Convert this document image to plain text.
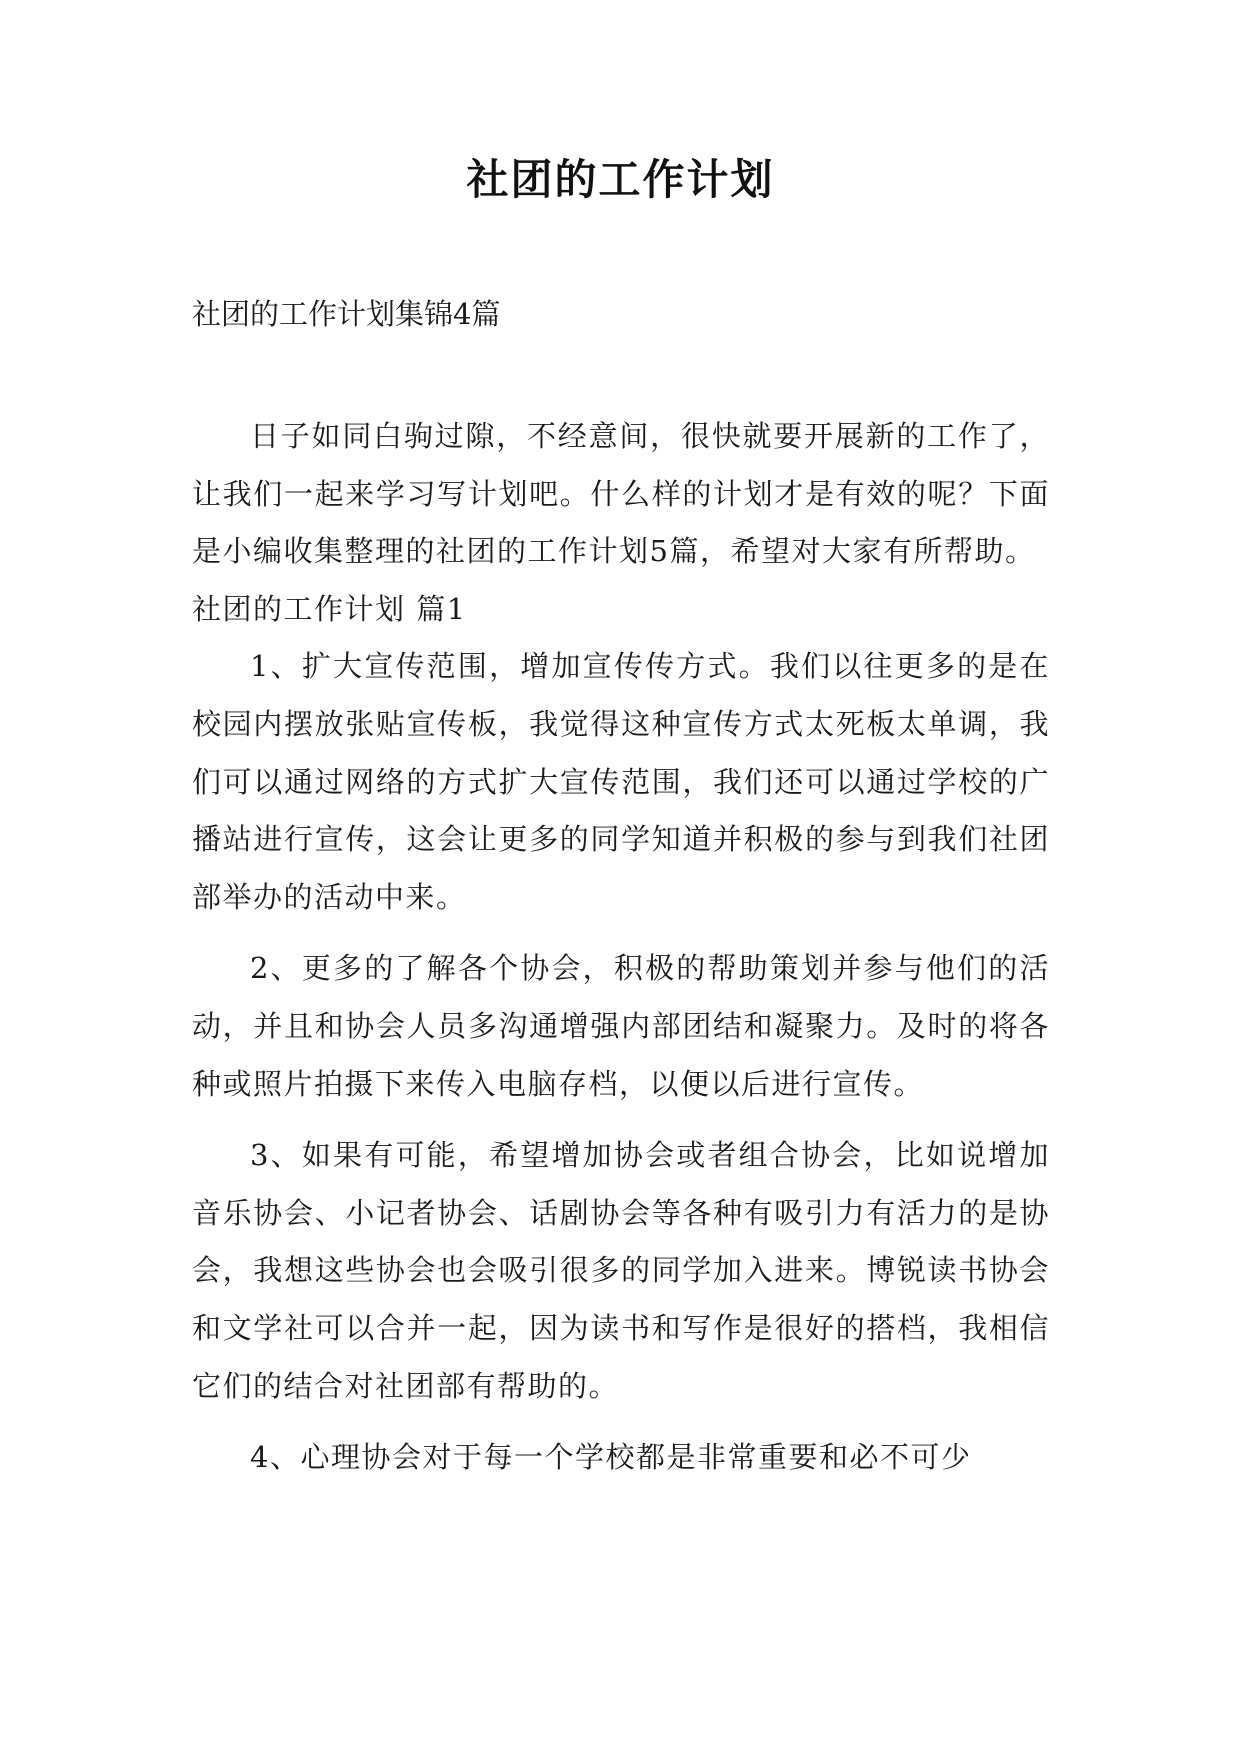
社团的工作计划
社团的工作计划集锦4篇

日子如同白驹过隙，不经意间，很快就要开展新的工作了，让我们一起来学习写计划吧。什么样的计划才是有效的呢？下面是小编收集整理的社团的工作计划5篇，希望对大家有所帮助。

社团的工作计划 篇1

1、扩大宣传范围，增加宣传传方式。我们以往更多的是在校园内摆放张贴宣传板，我觉得这种宣传方式太死板太单调，我们可以通过网络的方式扩大宣传范围，我们还可以通过学校的广播站进行宣传，这会让更多的同学知道并积极的参与到我们社团部举办的活动中来。

2、更多的了解各个协会，积极的帮助策划并参与他们的活动，并且和协会人员多沟通增强内部团结和凝聚力。及时的将各种或照片拍摄下来传入电脑存档，以便以后进行宣传。

3、如果有可能，希望增加协会或者组合协会，比如说增加音乐协会、小记者协会、话剧协会等各种有吸引力有活力的是协会，我想这些协会也会吸引很多的同学加入进来。博锐读书协会和文学社可以合并一起，因为读书和写作是很好的搭档，我相信它们的结合对社团部有帮助的。

4、心理协会对于每一个学校都是非常重要和必不可少
